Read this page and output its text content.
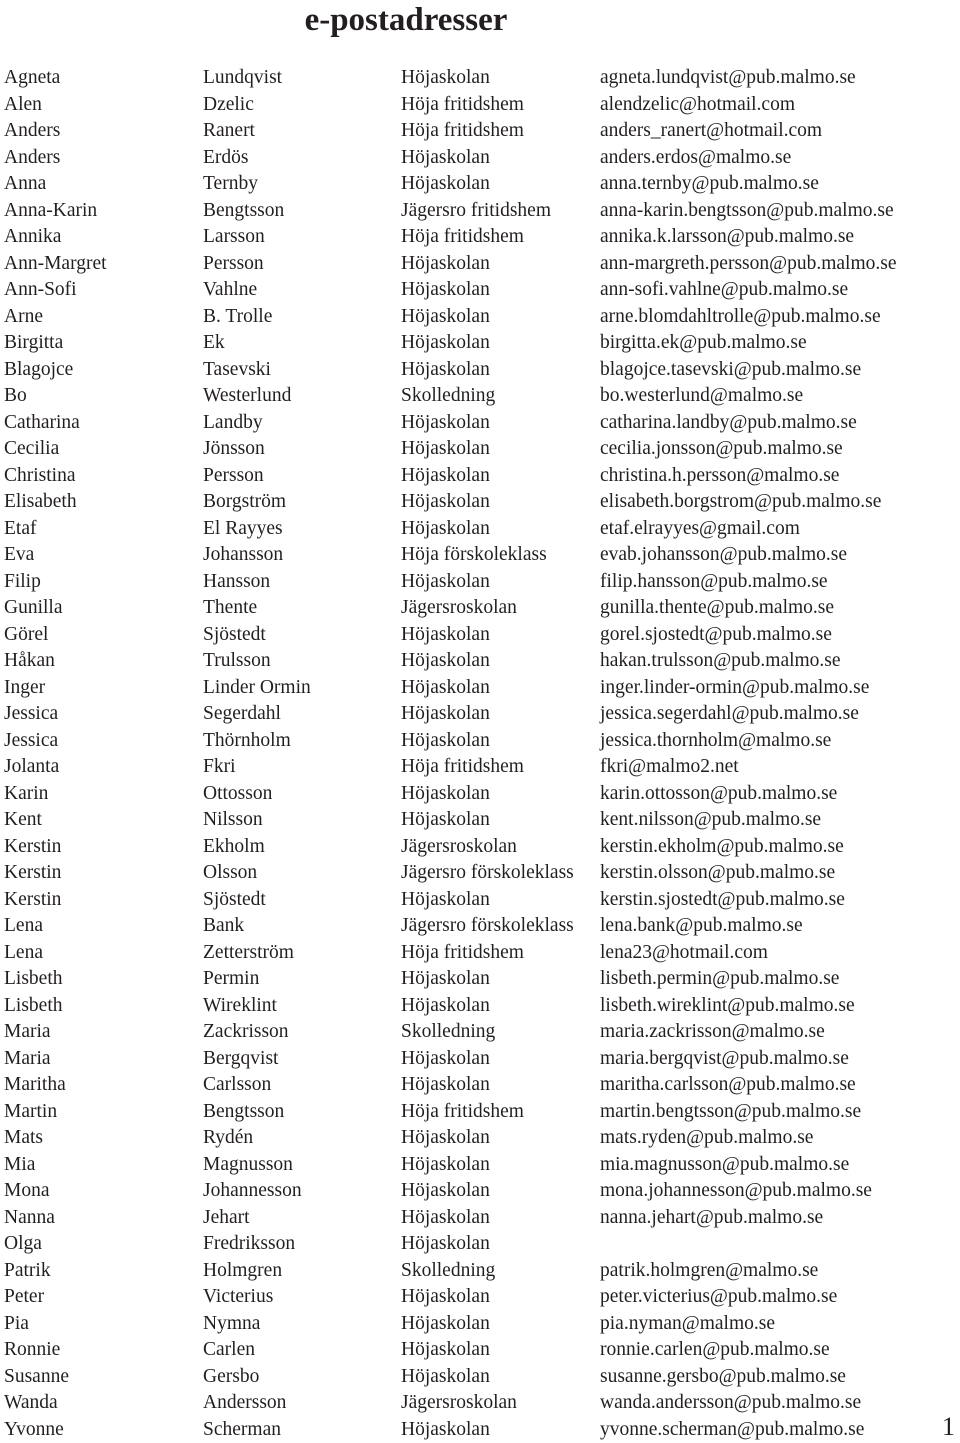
e-postadresser
Agneta	Lundqvist	Höjaskolan	agneta.lundqvist@pub.malmo.se
Alen	Dzelic	Höja fritidshem	alendzelic@hotmail.com
Anders	Ranert	Höja fritidshem	anders_ranert@hotmail.com
Anders	Erdös	Höjaskolan	anders.erdos@malmo.se
Anna	Ternby	Höjaskolan	anna.ternby@pub.malmo.se
Anna-Karin	Bengtsson	Jägersro fritidshem	anna-karin.bengtsson@pub.malmo.se
Annika	Larsson	Höja fritidshem	annika.k.larsson@pub.malmo.se
Ann-Margret	Persson	Höjaskolan	ann-margreth.persson@pub.malmo.se
Ann-Sofi	Vahlne	Höjaskolan	ann-sofi.vahlne@pub.malmo.se
Arne	B. Trolle	Höjaskolan	arne.blomdahltrolle@pub.malmo.se
Birgitta	Ek	Höjaskolan	birgitta.ek@pub.malmo.se
Blagojce	Tasevski	Höjaskolan	blagojce.tasevski@pub.malmo.se
Bo	Westerlund	Skolledning	bo.westerlund@malmo.se
Catharina	Landby	Höjaskolan	catharina.landby@pub.malmo.se
Cecilia	Jönsson	Höjaskolan	cecilia.jonsson@pub.malmo.se
Christina	Persson	Höjaskolan	christina.h.persson@malmo.se
Elisabeth	Borgström	Höjaskolan	elisabeth.borgstrom@pub.malmo.se
Etaf	El Rayyes	Höjaskolan	etaf.elrayyes@gmail.com
Eva	Johansson	Höja förskoleklass	evab.johansson@pub.malmo.se
Filip	Hansson	Höjaskolan	filip.hansson@pub.malmo.se
Gunilla	Thente	Jägersroskolan	gunilla.thente@pub.malmo.se
Görel	Sjöstedt	Höjaskolan	gorel.sjostedt@pub.malmo.se
Håkan	Trulsson	Höjaskolan	hakan.trulsson@pub.malmo.se
Inger	Linder Ormin	Höjaskolan	inger.linder-ormin@pub.malmo.se
Jessica	Segerdahl	Höjaskolan	jessica.segerdahl@pub.malmo.se
Jessica	Thörnholm	Höjaskolan	jessica.thornholm@malmo.se
Jolanta	Fkri	Höja fritidshem	fkri@malmo2.net
Karin	Ottosson	Höjaskolan	karin.ottosson@pub.malmo.se
Kent	Nilsson	Höjaskolan	kent.nilsson@pub.malmo.se
Kerstin	Ekholm	Jägersroskolan	kerstin.ekholm@pub.malmo.se
Kerstin	Olsson	Jägersro förskoleklass kerstin.olsson@pub.malmo.se
Kerstin	Sjöstedt	Höjaskolan	kerstin.sjostedt@pub.malmo.se
Lena	Bank	Jägersro förskoleklass lena.bank@pub.malmo.se
Lena	Zetterström	Höja fritidshem	lena23@hotmail.com
Lisbeth	Permin	Höjaskolan	lisbeth.permin@pub.malmo.se
Lisbeth	Wireklint	Höjaskolan	lisbeth.wireklint@pub.malmo.se
Maria	Zackrisson	Skolledning	maria.zackrisson@malmo.se
Maria	Bergqvist	Höjaskolan	maria.bergqvist@pub.malmo.se
Maritha	Carlsson	Höjaskolan	maritha.carlsson@pub.malmo.se
Martin	Bengtsson	Höja fritidshem	martin.bengtsson@pub.malmo.se
Mats	Rydén	Höjaskolan	mats.ryden@pub.malmo.se
Mia	Magnusson	Höjaskolan	mia.magnusson@pub.malmo.se
Mona	Johannesson	Höjaskolan	mona.johannesson@pub.malmo.se
Nanna	Jehart	Höjaskolan	nanna.jehart@pub.malmo.se
Olga	Fredriksson	Höjaskolan
Patrik	Holmgren	Skolledning	patrik.holmgren@malmo.se
Peter	Victerius	Höjaskolan	peter.victerius@pub.malmo.se
Pia	Nymna	Höjaskolan	pia.nyman@malmo.se
Ronnie	Carlen	Höjaskolan	ronnie.carlen@pub.malmo.se
Susanne	Gersbo	Höjaskolan	susanne.gersbo@pub.malmo.se
Wanda	Andersson	Jägersroskolan	wanda.andersson@pub.malmo.se
Yvonne	Scherman	Höjaskolan	yvonne.scherman@pub.malmo.se	1
